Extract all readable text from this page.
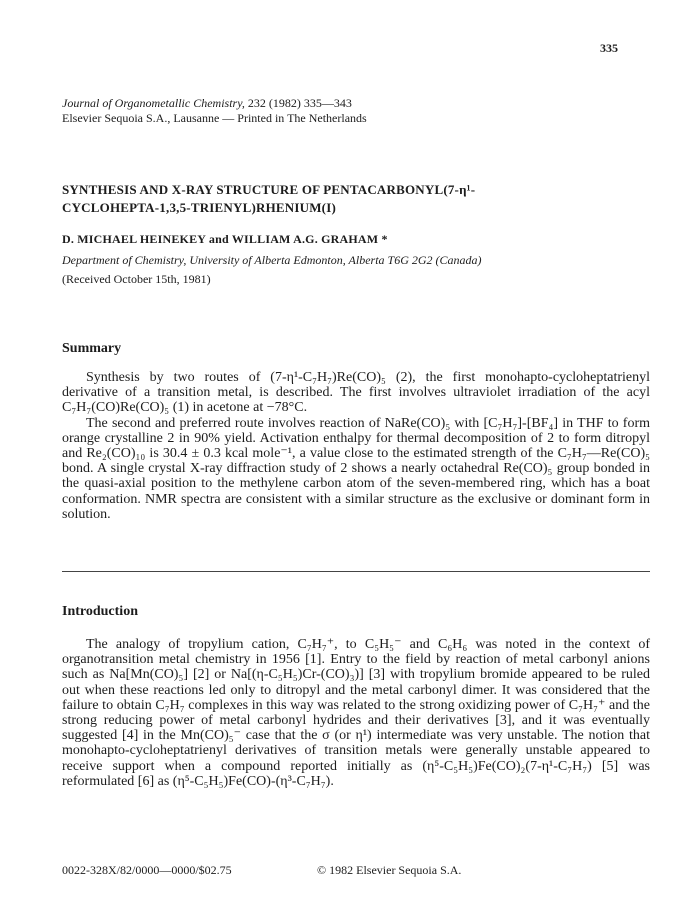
335
Journal of Organometallic Chemistry, 232 (1982) 335—343
Elsevier Sequoia S.A., Lausanne — Printed in The Netherlands
SYNTHESIS AND X-RAY STRUCTURE OF PENTACARBONYL(7-η¹-
CYCLOHEPTA-1,3,5-TRIENYL)RHENIUM(I)
D. MICHAEL HEINEKEY and WILLIAM A.G. GRAHAM *
Department of Chemistry, University of Alberta Edmonton, Alberta T6G 2G2 (Canada)
(Received October 15th, 1981)
Summary

Synthesis by two routes of (7-η¹-C₇H₇)Re(CO)₅ (2), the first monohapto-cycloheptatrienyl derivative of a transition metal, is described. The first involves ultraviolet irradiation of the acyl C₇H₇(CO)Re(CO)₅ (1) in acetone at −78°C.

The second and preferred route involves reaction of NaRe(CO)₅ with [C₇H₇]-[BF₄] in THF to form orange crystalline 2 in 90% yield. Activation enthalpy for thermal decomposition of 2 to form ditropyl and Re₂(CO)₁₀ is 30.4 ± 0.3 kcal mole⁻¹, a value close to the estimated strength of the C₇H₇—Re(CO)₅ bond. A single crystal X-ray diffraction study of 2 shows a nearly octahedral Re(CO)₅ group bonded in the quasi-axial position to the methylene carbon atom of the seven-membered ring, which has a boat conformation. NMR spectra are consistent with a similar structure as the exclusive or dominant form in solution.

Introduction

The analogy of tropylium cation, C₇H₇⁺, to C₅H₅⁻ and C₆H₆ was noted in the context of organotransition metal chemistry in 1956 [1]. Entry to the field by reaction of metal carbonyl anions such as Na[Mn(CO)₅] [2] or Na[(η-C₅H₅)Cr-(CO)₃)] [3] with tropylium bromide appeared to be ruled out when these reactions led only to ditropyl and the metal carbonyl dimer. It was considered that the failure to obtain C₇H₇ complexes in this way was related to the strong oxidizing power of C₇H₇⁺ and the strong reducing power of metal carbonyl hydrides and their derivatives [3], and it was eventually suggested [4] in the Mn(CO)₅⁻ case that the σ (or η¹) intermediate was very unstable. The notion that monohapto-cycloheptatrienyl derivatives of transition metals were generally unstable appeared to receive support when a compound reported initially as (η⁵-C₅H₅)Fe(CO)₂(7-η¹-C₇H₇) [5] was reformulated [6] as (η⁵-C₅H₅)Fe(CO)-(η³-C₇H₇).

0022-328X/82/0000—0000/$02.75	© 1982 Elsevier Sequoia S.A.
